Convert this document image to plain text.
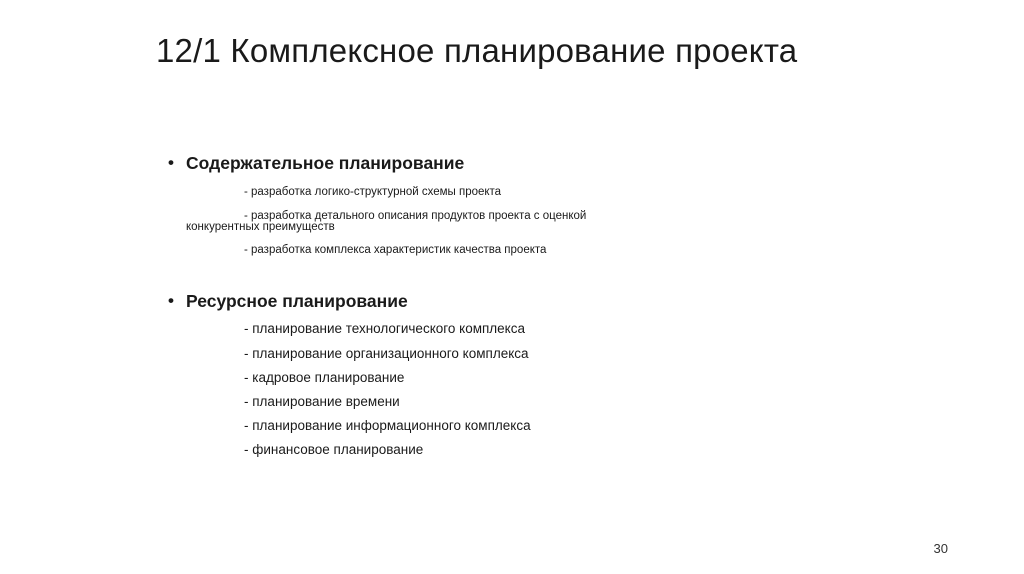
12/1 Комплексное планирование проекта
• Содержательное планирование
- разработка логико-структурной схемы проекта
- разработка детального описания продуктов проекта с оценкой
конкурентных преимуществ
- разработка комплекса характеристик качества проекта
• Ресурсное планирование
- планирование технологического комплекса
- планирование организационного комплекса
- кадровое планирование
- планирование времени
- планирование информационного комплекса
- финансовое планирование
30
